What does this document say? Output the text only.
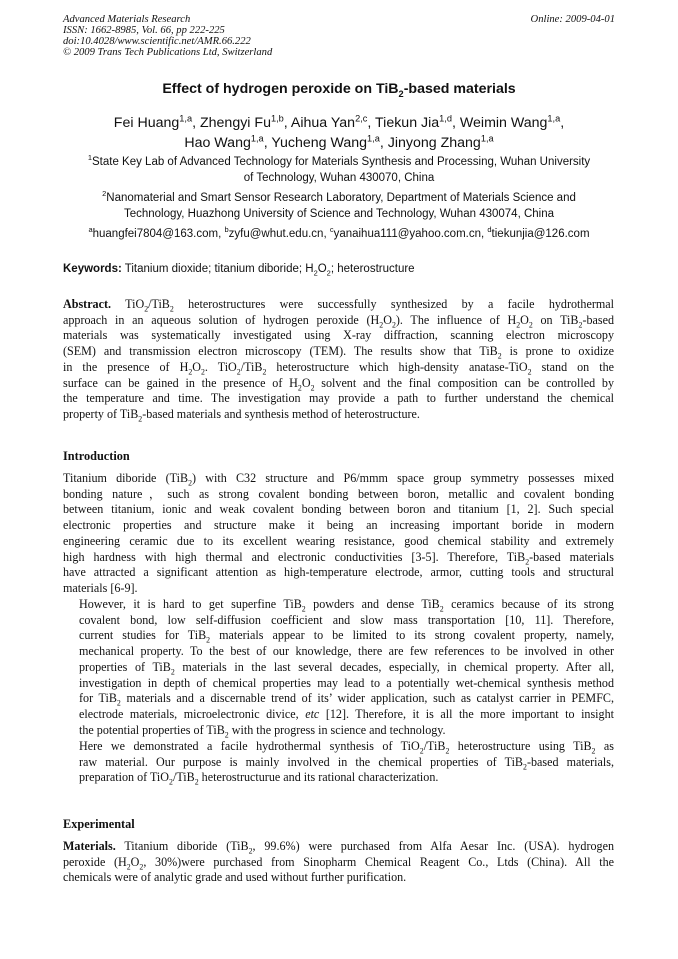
Advanced Materials Research
ISSN: 1662-8985, Vol. 66, pp 222-225
doi:10.4028/www.scientific.net/AMR.66.222
© 2009 Trans Tech Publications Ltd, Switzerland
Online: 2009-04-01
Effect of hydrogen peroxide on TiB$_2$-based materials
Fei Huang$^{1,a}$, Zhengyi Fu$^{1,b}$, Aihua Yan$^{2,c}$, Tiekun Jia$^{1,d}$, Weimin Wang$^{1,a}$,
Hao Wang$^{1,a}$, Yucheng Wang$^{1,a}$, Jinyong Zhang$^{1,a}$
$^1$State Key Lab of Advanced Technology for Materials Synthesis and Processing, Wuhan University
of Technology, Wuhan 430070, China
$^2$Nanomaterial and Smart Sensor Research Laboratory, Department of Materials Science and
Technology, Huazhong University of Science and Technology, Wuhan 430074, China
$^a$huangfei7804@163.com, $^b$zyfu@whut.edu.cn, $^c$yanaihua111@yahoo.com.cn, $^d$tiekunjia@126.com
Keywords: Titanium dioxide; titanium diboride; $H_2O_2$; heterostructure
Abstract. TiO$_2$/TiB$_2$ heterostructures were successfully synthesized by a facile hydrothermal
approach in an aqueous solution of hydrogen peroxide $(H_2O_2)$. The influence of $H_2O_2$ on TiB$_2$-based
materials was systematically investigated using X-ray diffraction, scanning electron microscopy
(SEM) and transmission electron microscopy (TEM). The results show that TiB$_2$ is prone to oxidize
in the presence of $H_2O_2$. TiO$_2$/TiB$_2$ heterostructure which high-density anatase-TiO$_2$ stand on the
surface can be gained in the presence of $H_2O_2$ solvent and the final composition can be controlled by
the temperature and time. The investigation may provide a path to further understand the chemical
property of TiB$_2$-based materials and synthesis method of heterostructure.
Introduction
Titanium diboride (TiB$_2$) with C32 structure and P6/mmm space group symmetry possesses mixed
bonding nature，such as strong covalent bonding between boron, metallic and covalent bonding
between titanium, ionic and weak covalent bonding between boron and titanium [1, 2]. Such special
electronic properties and structure make it being an increasing important boride in modern
engineering ceramic due to its excellent wearing resistance, good chemical stability and extremely
high hardness with high thermal and electronic conductivities [3-5]. Therefore, TiB$_2$-based materials
have attracted a significant attention as high-temperature electrode, armor, cutting tools and structural
materials [6-9].
However, it is hard to get superfine TiB$_2$ powders and dense TiB$_2$ ceramics because of its strong
covalent bond, low self-diffusion coefficient and slow mass transportation [10, 11]. Therefore,
current studies for TiB$_2$ materials appear to be limited to its strong covalent property, namely,
mechanical property. To the best of our knowledge, there are few references to be involved in other
properties of TiB$_2$ materials in the last several decades, especially, in chemical property. After all,
investigation in depth of chemical properties may lead to a potentially wet-chemical synthesis method
for TiB$_2$ materials and a discernable trend of its’ wider application, such as catalyst carrier in PEMFC,
electrode materials, microelectronic divice, etc [12]. Therefore, it is all the more important to insight
the potential properties of TiB$_2$ with the progress in science and technology.
Here we demonstrated a facile hydrothermal synthesis of TiO$_2$/TiB$_2$ heterostructure using TiB$_2$ as
raw material. Our purpose is mainly involved in the chemical properties of TiB$_2$-based materials,
preparation of TiO$_2$/TiB$_2$ heterostructurue and its rational characterization.
Experimental
Materials. Titanium diboride (TiB$_2$, 99.6%) were purchased from Alfa Aesar Inc. (USA). hydrogen
peroxide ($H_2O_2$, 30%)were purchased from Sinopharm Chemical Reagent Co., Ltds (China). All the
chemicals were of analytic grade and used without further purification.
